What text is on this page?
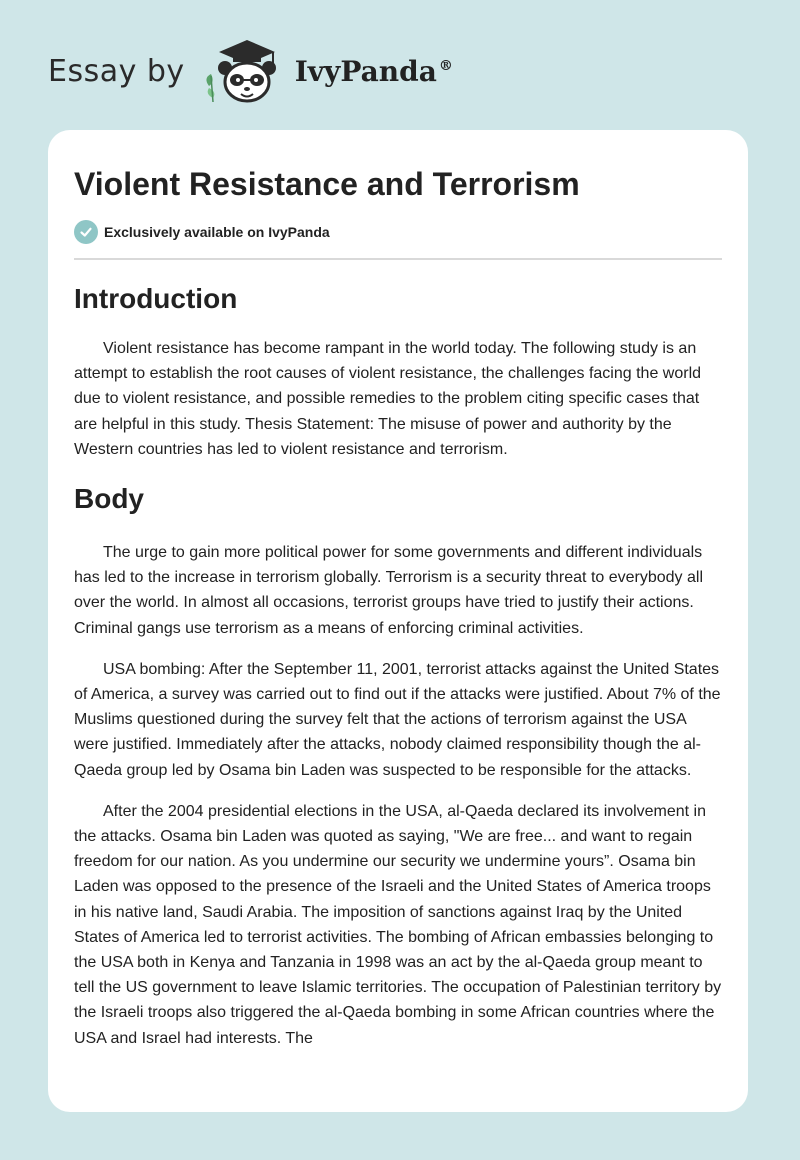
Essay by	IvyPanda ®
Violent Resistance and Terrorism
Exclusively available on IvyPanda
Introduction

Violent resistance has become rampant in the world today. The following study is an attempt to establish the root causes of violent resistance, the challenges facing the world due to violent resistance, and possible remedies to the problem citing specific cases that are helpful in this study. Thesis Statement: The misuse of power and authority by the Western countries has led to violent resistance and terrorism.

Body

The urge to gain more political power for some governments and different individuals has led to the increase in terrorism globally. Terrorism is a security threat to everybody all over the world. In almost all occasions, terrorist groups have tried to justify their actions. Criminal gangs use terrorism as a means of enforcing criminal activities.

USA bombing: After the September 11, 2001, terrorist attacks against the United States of America, a survey was carried out to find out if the attacks were justified. About 7% of the Muslims questioned during the survey felt that the actions of terrorism against the USA were justified. Immediately after the attacks, nobody claimed responsibility though the al-Qaeda group led by Osama bin Laden was suspected to be responsible for the attacks.

After the 2004 presidential elections in the USA, al-Qaeda declared its involvement in the attacks. Osama bin Laden was quoted as saying, "We are free... and want to regain freedom for our nation. As you undermine our security we undermine yours”. Osama bin Laden was opposed to the presence of the Israeli and the United States of America troops in his native land, Saudi Arabia. The imposition of sanctions against Iraq by the United States of America led to terrorist activities. The bombing of African embassies belonging to the USA both in Kenya and Tanzania in 1998 was an act by the al-Qaeda group meant to tell the US government to leave Islamic territories. The occupation of Palestinian territory by the Israeli troops also triggered the al-Qaeda bombing in some African countries where the USA and Israel had interests. The
